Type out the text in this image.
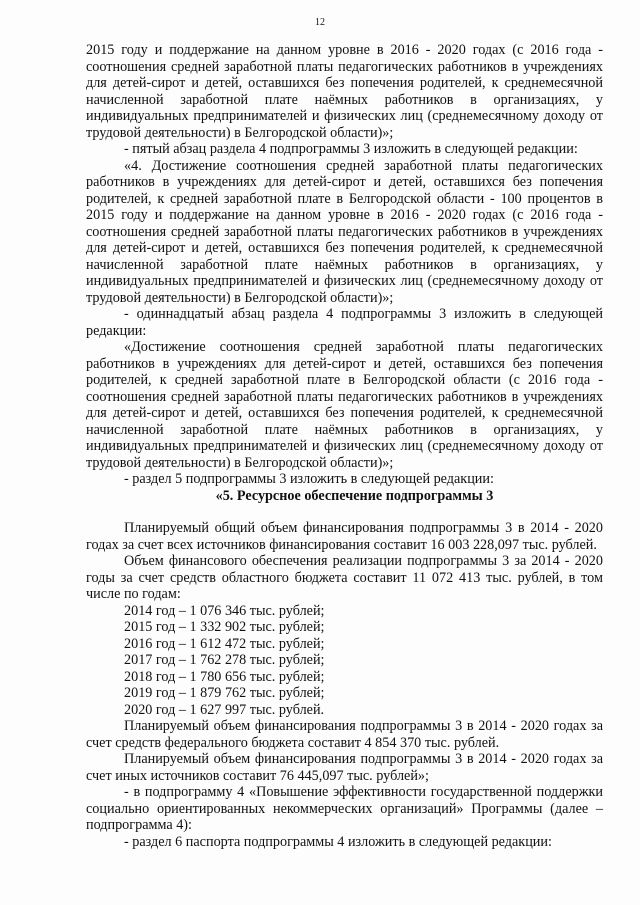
12

2015 году и поддержание на данном уровне в 2016 - 2020 годах (с 2016 года - соотношения средней заработной платы педагогических работников в учреждениях для детей-сирот и детей, оставшихся без попечения родителей, к среднемесячной начисленной заработной плате наёмных работников в организациях, у индивидуальных предпринимателей и физических лиц (среднемесячному доходу от трудовой деятельности) в Белгородской области)»;

- пятый абзац раздела 4 подпрограммы 3 изложить в следующей редакции:

«4. Достижение соотношения средней заработной платы педагогических работников в учреждениях для детей-сирот и детей, оставшихся без попечения родителей, к средней заработной плате в Белгородской области - 100 процентов в 2015 году и поддержание на данном уровне в 2016 - 2020 годах (с 2016 года - соотношения средней заработной платы педагогических работников в учреждениях для детей-сирот и детей, оставшихся без попечения родителей, к среднемесячной начисленной заработной плате наёмных работников в организациях, у индивидуальных предпринимателей и физических лиц (среднемесячному доходу от трудовой деятельности) в Белгородской области)»;

- одиннадцатый абзац раздела 4 подпрограммы 3 изложить в следующей редакции:

«Достижение соотношения средней заработной платы педагогических работников в учреждениях для детей-сирот и детей, оставшихся без попечения родителей, к средней заработной плате в Белгородской области (с 2016 года - соотношения средней заработной платы педагогических работников в учреждениях для детей-сирот и детей, оставшихся без попечения родителей, к среднемесячной начисленной заработной плате наёмных работников в организациях, у индивидуальных предпринимателей и физических лиц (среднемесячному доходу от трудовой деятельности) в Белгородской области)»;

- раздел 5 подпрограммы 3 изложить в следующей редакции:

«5. Ресурсное обеспечение подпрограммы 3

Планируемый общий объем финансирования подпрограммы 3 в 2014 - 2020 годах за счет всех источников финансирования составит 16 003 228,097 тыс. рублей.

Объем финансового обеспечения реализации подпрограммы 3 за 2014 - 2020 годы за счет средств областного бюджета составит 11 072 413 тыс. рублей, в том числе по годам:

2014 год – 1 076 346 тыс. рублей;
2015 год – 1 332 902 тыс. рублей;
2016 год – 1 612 472 тыс. рублей;
2017 год – 1 762 278 тыс. рублей;
2018 год – 1 780 656 тыс. рублей;
2019 год – 1 879 762 тыс. рублей;
2020 год – 1 627 997 тыс. рублей.

Планируемый объем финансирования подпрограммы 3 в 2014 - 2020 годах за счет средств федерального бюджета составит 4 854 370 тыс. рублей.

Планируемый объем финансирования подпрограммы 3 в 2014 - 2020 годах за счет иных источников составит 76 445,097 тыс. рублей»;

- в подпрограмму 4 «Повышение эффективности государственной поддержки социально ориентированных некоммерческих организаций» Программы (далее – подпрограмма 4):

- раздел 6 паспорта подпрограммы 4 изложить в следующей редакции:
